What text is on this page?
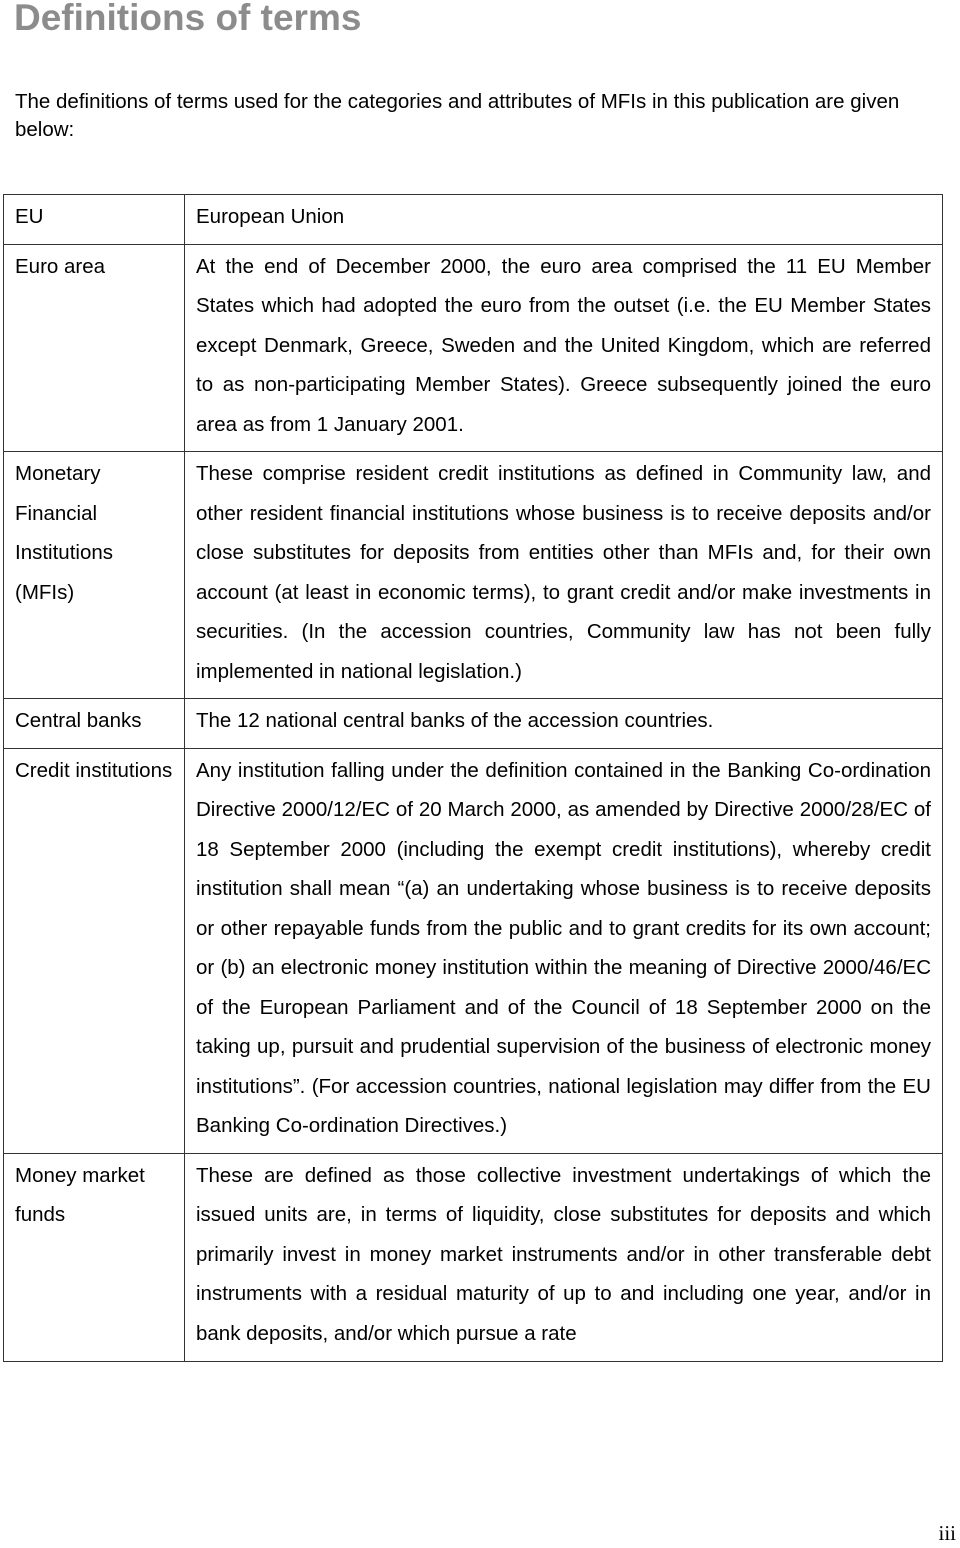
Definitions of terms

The definitions of terms used for the categories and attributes of MFIs in this publication are given below:

EU	European Union
Euro area	At the end of December 2000, the euro area comprised the 11 EU Member States which had adopted the euro from the outset (i.e. the EU Member States except Denmark, Greece, Sweden and the United Kingdom, which are referred to as non-participating Member States). Greece subsequently joined the euro area as from 1 January 2001.
Monetary Financial Institutions (MFIs)	These comprise resident credit institutions as defined in Community law, and other resident financial institutions whose business is to receive deposits and/or close substitutes for deposits from entities other than MFIs and, for their own account (at least in economic terms), to grant credit and/or make investments in securities. (In the accession countries, Community law has not been fully implemented in national legislation.)
Central banks	The 12 national central banks of the accession countries.
Credit institutions	Any institution falling under the definition contained in the Banking Co-ordination Directive 2000/12/EC of 20 March 2000, as amended by Directive 2000/28/EC of 18 September 2000 (including the exempt credit institutions), whereby credit institution shall mean “(a) an undertaking whose business is to receive deposits or other repayable funds from the public and to grant credits for its own account; or (b) an electronic money institution within the meaning of Directive 2000/46/EC of the European Parliament and of the Council of 18 September 2000 on the taking up, pursuit and prudential supervision of the business of electronic money institutions”. (For accession countries, national legislation may differ from the EU Banking Co-ordination Directives.)
Money market funds	These are defined as those collective investment undertakings of which the issued units are, in terms of liquidity, close substitutes for deposits and which primarily invest in money market instruments and/or in other transferable debt instruments with a residual maturity of up to and including one year, and/or in bank deposits, and/or which pursue a rate
iii
